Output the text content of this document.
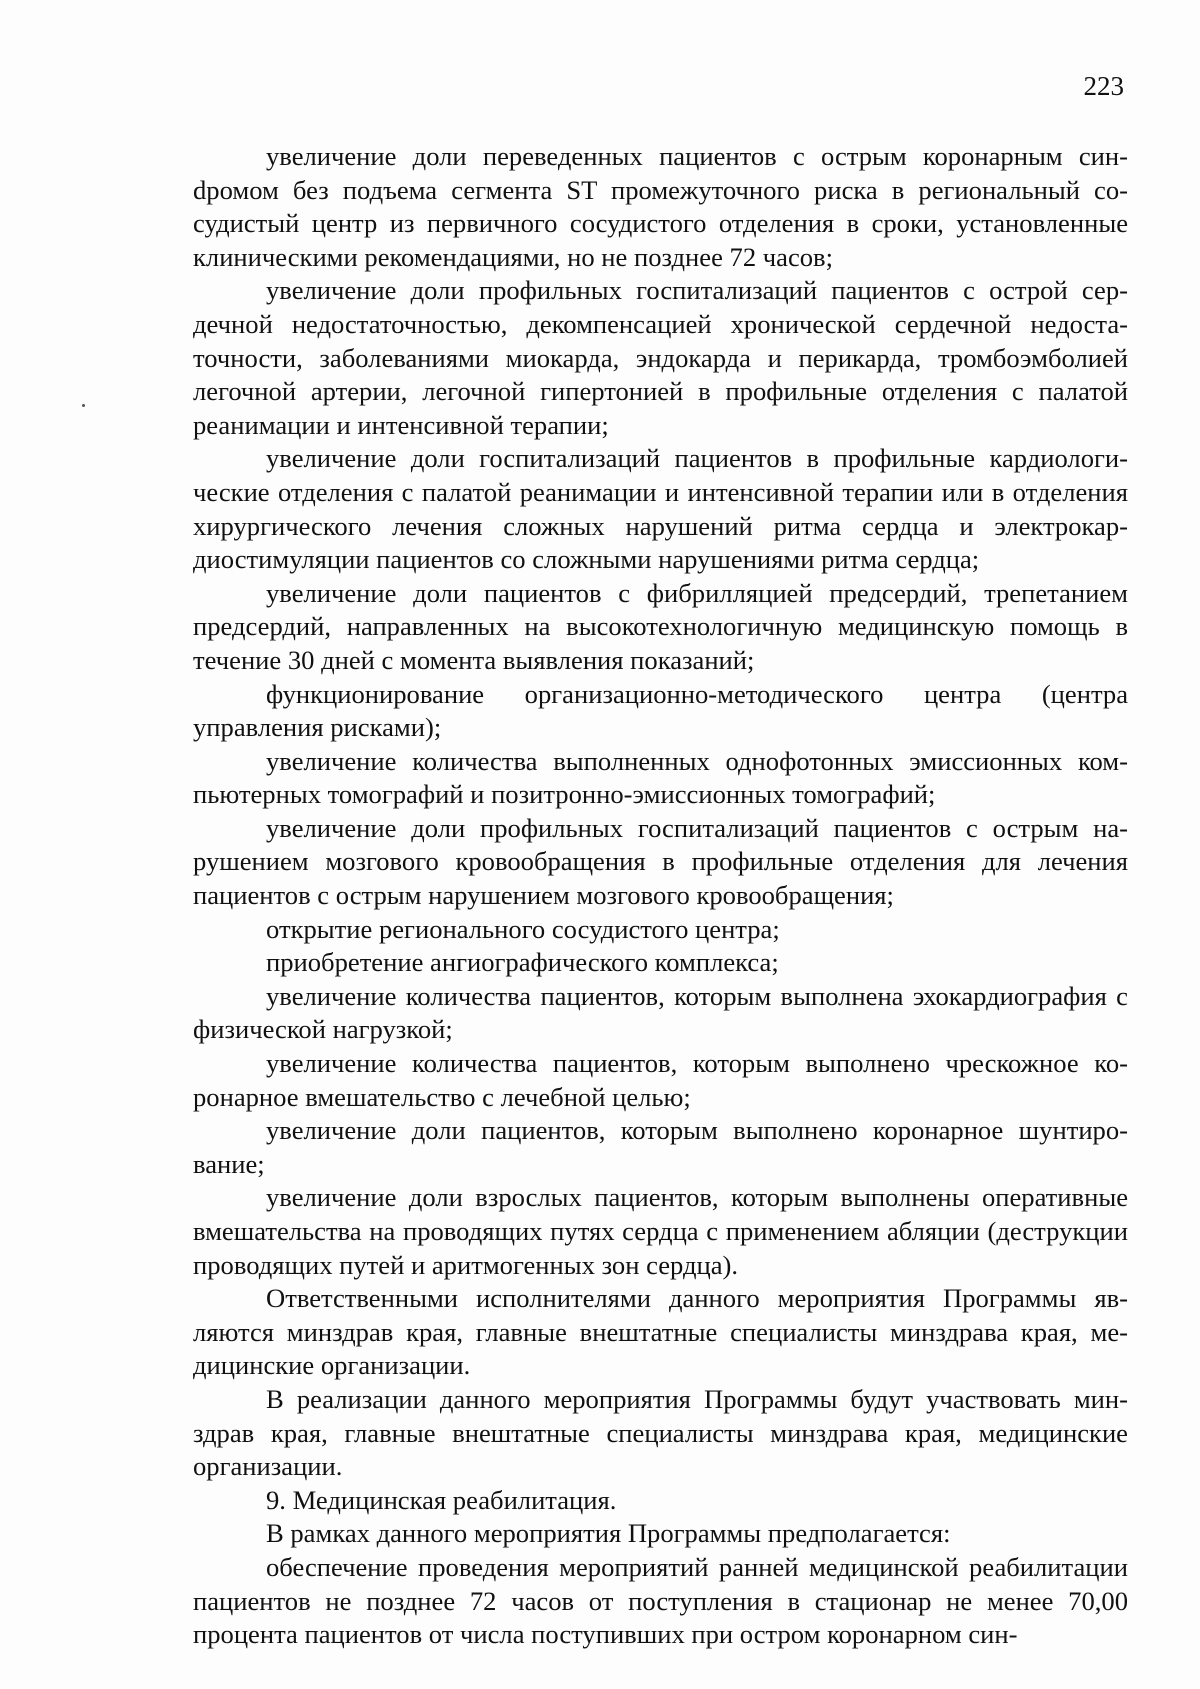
223

увеличение доли переведенных пациентов с острым коронарным синdромом без подъема сегмента ST промежуточного риска в региональный сосудистый центр из первичного сосудистого отделения в сроки, установленные клиническими рекомендациями, но не позднее 72 часов;

увеличение доли профильных госпитализаций пациентов с острой сердечной недостаточностью, декомпенсацией хронической сердечной недостаточности, заболеваниями миокарда, эндокарда и перикарда, тромбоэмболией легочной артерии, легочной гипертонией в профильные отделения с палатой реанимации и интенсивной терапии;

увеличение доли госпитализаций пациентов в профильные кардиологические отделения с палатой реанимации и интенсивной терапии или в отделения хирургического лечения сложных нарушений ритма сердца и электрокардиостимуляции пациентов со сложными нарушениями ритма сердца;

увеличение доли пациентов с фибрилляцией предсердий, трепетанием предсердий, направленных на высокотехнологичную медицинскую помощь в течение 30 дней с момента выявления показаний;

функционирование организационно-методического центра (центра управления рисками);

увеличение количества выполненных однофотонных эмиссионных компьютерных томографий и позитронно-эмиссионных томографий;

увеличение доли профильных госпитализаций пациентов с острым нарушением мозгового кровообращения в профильные отделения для лечения пациентов с острым нарушением мозгового кровообращения;

открытие регионального сосудистого центра;

приобретение ангиографического комплекса;

увеличение количества пациентов, которым выполнена эхокардиография с физической нагрузкой;

увеличение количества пациентов, которым выполнено чрескожное коронарное вмешательство с лечебной целью;

увеличение доли пациентов, которым выполнено коронарное шунтирование;

увеличение доли взрослых пациентов, которым выполнены оперативные вмешательства на проводящих путях сердца с применением абляции (деструкции проводящих путей и аритмогенных зон сердца).

Ответственными исполнителями данного мероприятия Программы являются минздрав края, главные внештатные специалисты минздрава края, медицинские организации.

В реализации данного мероприятия Программы будут участвовать минздрав края, главные внештатные специалисты минздрава края, медицинские организации.

9. Медицинская реабилитация.

В рамках данного мероприятия Программы предполагается:

обеспечение проведения мероприятий ранней медицинской реабилитации пациентов не позднее 72 часов от поступления в стационар не менее 70,00 процента пациентов от числа поступивших при остром коронарном син-
